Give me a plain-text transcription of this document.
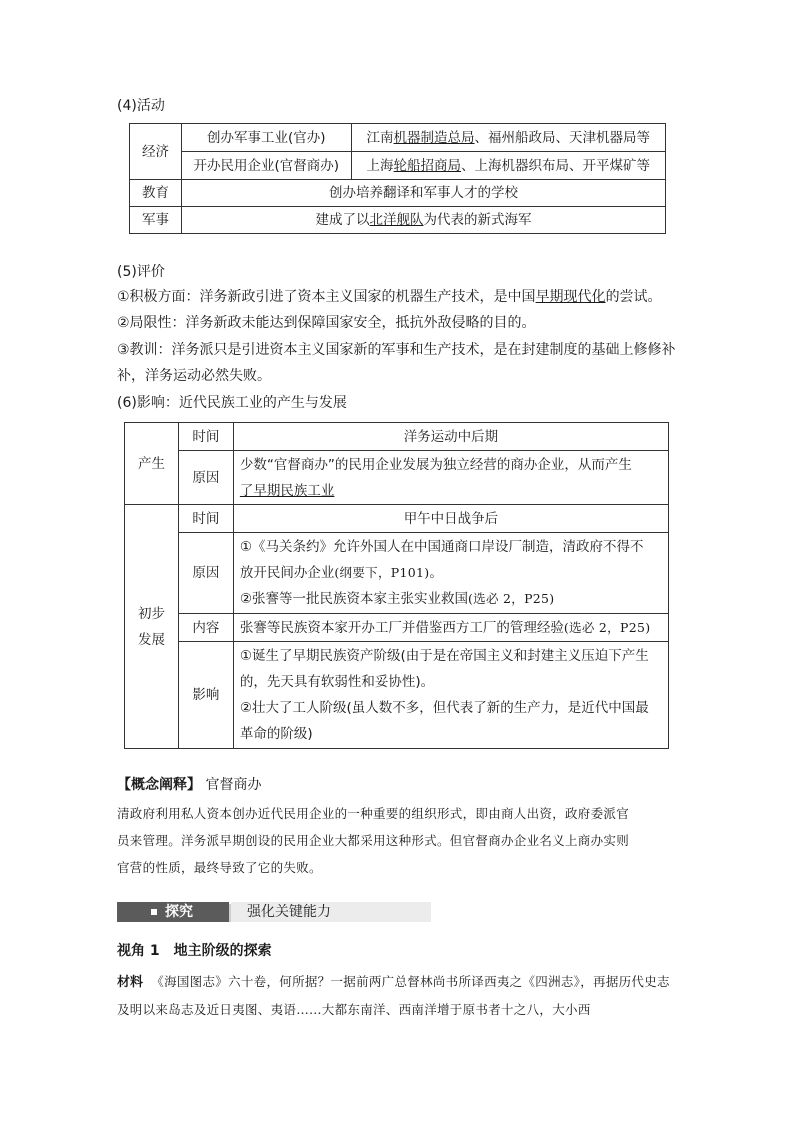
(4)活动
经济	创办军事工业(官办)	江南机器制造总局、福州船政局、天津机器局等
	开办民用企业(官督商办)	上海轮船招商局、上海机器织布局、开平煤矿等
教育	创办培养翻译和军事人才的学校	
军事	建成了以北洋舰队为代表的新式海军	
(5)评价
①积极方面：洋务新政引进了资本主义国家的机器生产技术，是中国早期现代化的尝试。
②局限性：洋务新政未能达到保障国家安全，抵抗外敌侵略的目的。
③教训：洋务派只是引进资本主义国家新的军事和生产技术，是在封建制度的基础上修修补
补，洋务运动必然失败。
(6)影响：近代民族工业的产生与发展
产生	时间	洋务运动中后期
	原因	少数“官督商办”的民用企业发展为独立经营的商办企业，从而产生
了早期民族工业
初步发展	时间	甲午中日战争后
	原因	①《马关条约》允许外国人在中国通商口岸设厂制造，清政府不得不
放开民间办企业(纲要下，P101)。
②张謇等一批民族资本家主张实业救国(选必 2，P25)
	内容	张謇等民族资本家开办工厂并借鉴西方工厂的管理经验(选必 2，P25)
	影响	①诞生了早期民族资产阶级(由于是在帝国主义和封建主义压迫下产生
的，先天具有软弱性和妥协性)。
②壮大了工人阶级(虽人数不多，但代表了新的生产力，是近代中国最
革命的阶级)
【概念阐释】 官督商办
清政府利用私人资本创办近代民用企业的一种重要的组织形式，即由商人出资，政府委派官
员来管理。洋务派早期创设的民用企业大都采用这种形式。但官督商办企业名义上商办实则
官营的性质，最终导致了它的失败。
探究	强化关键能力
视角 1　地主阶级的探索
材料 《海国图志》六十卷，何所据？一据前两广总督林尚书所译西夷之《四洲志》，再据历代史志及明以来岛志及近日夷图、夷语……大都东南洋、西南洋增于原书者十之八，大小西
